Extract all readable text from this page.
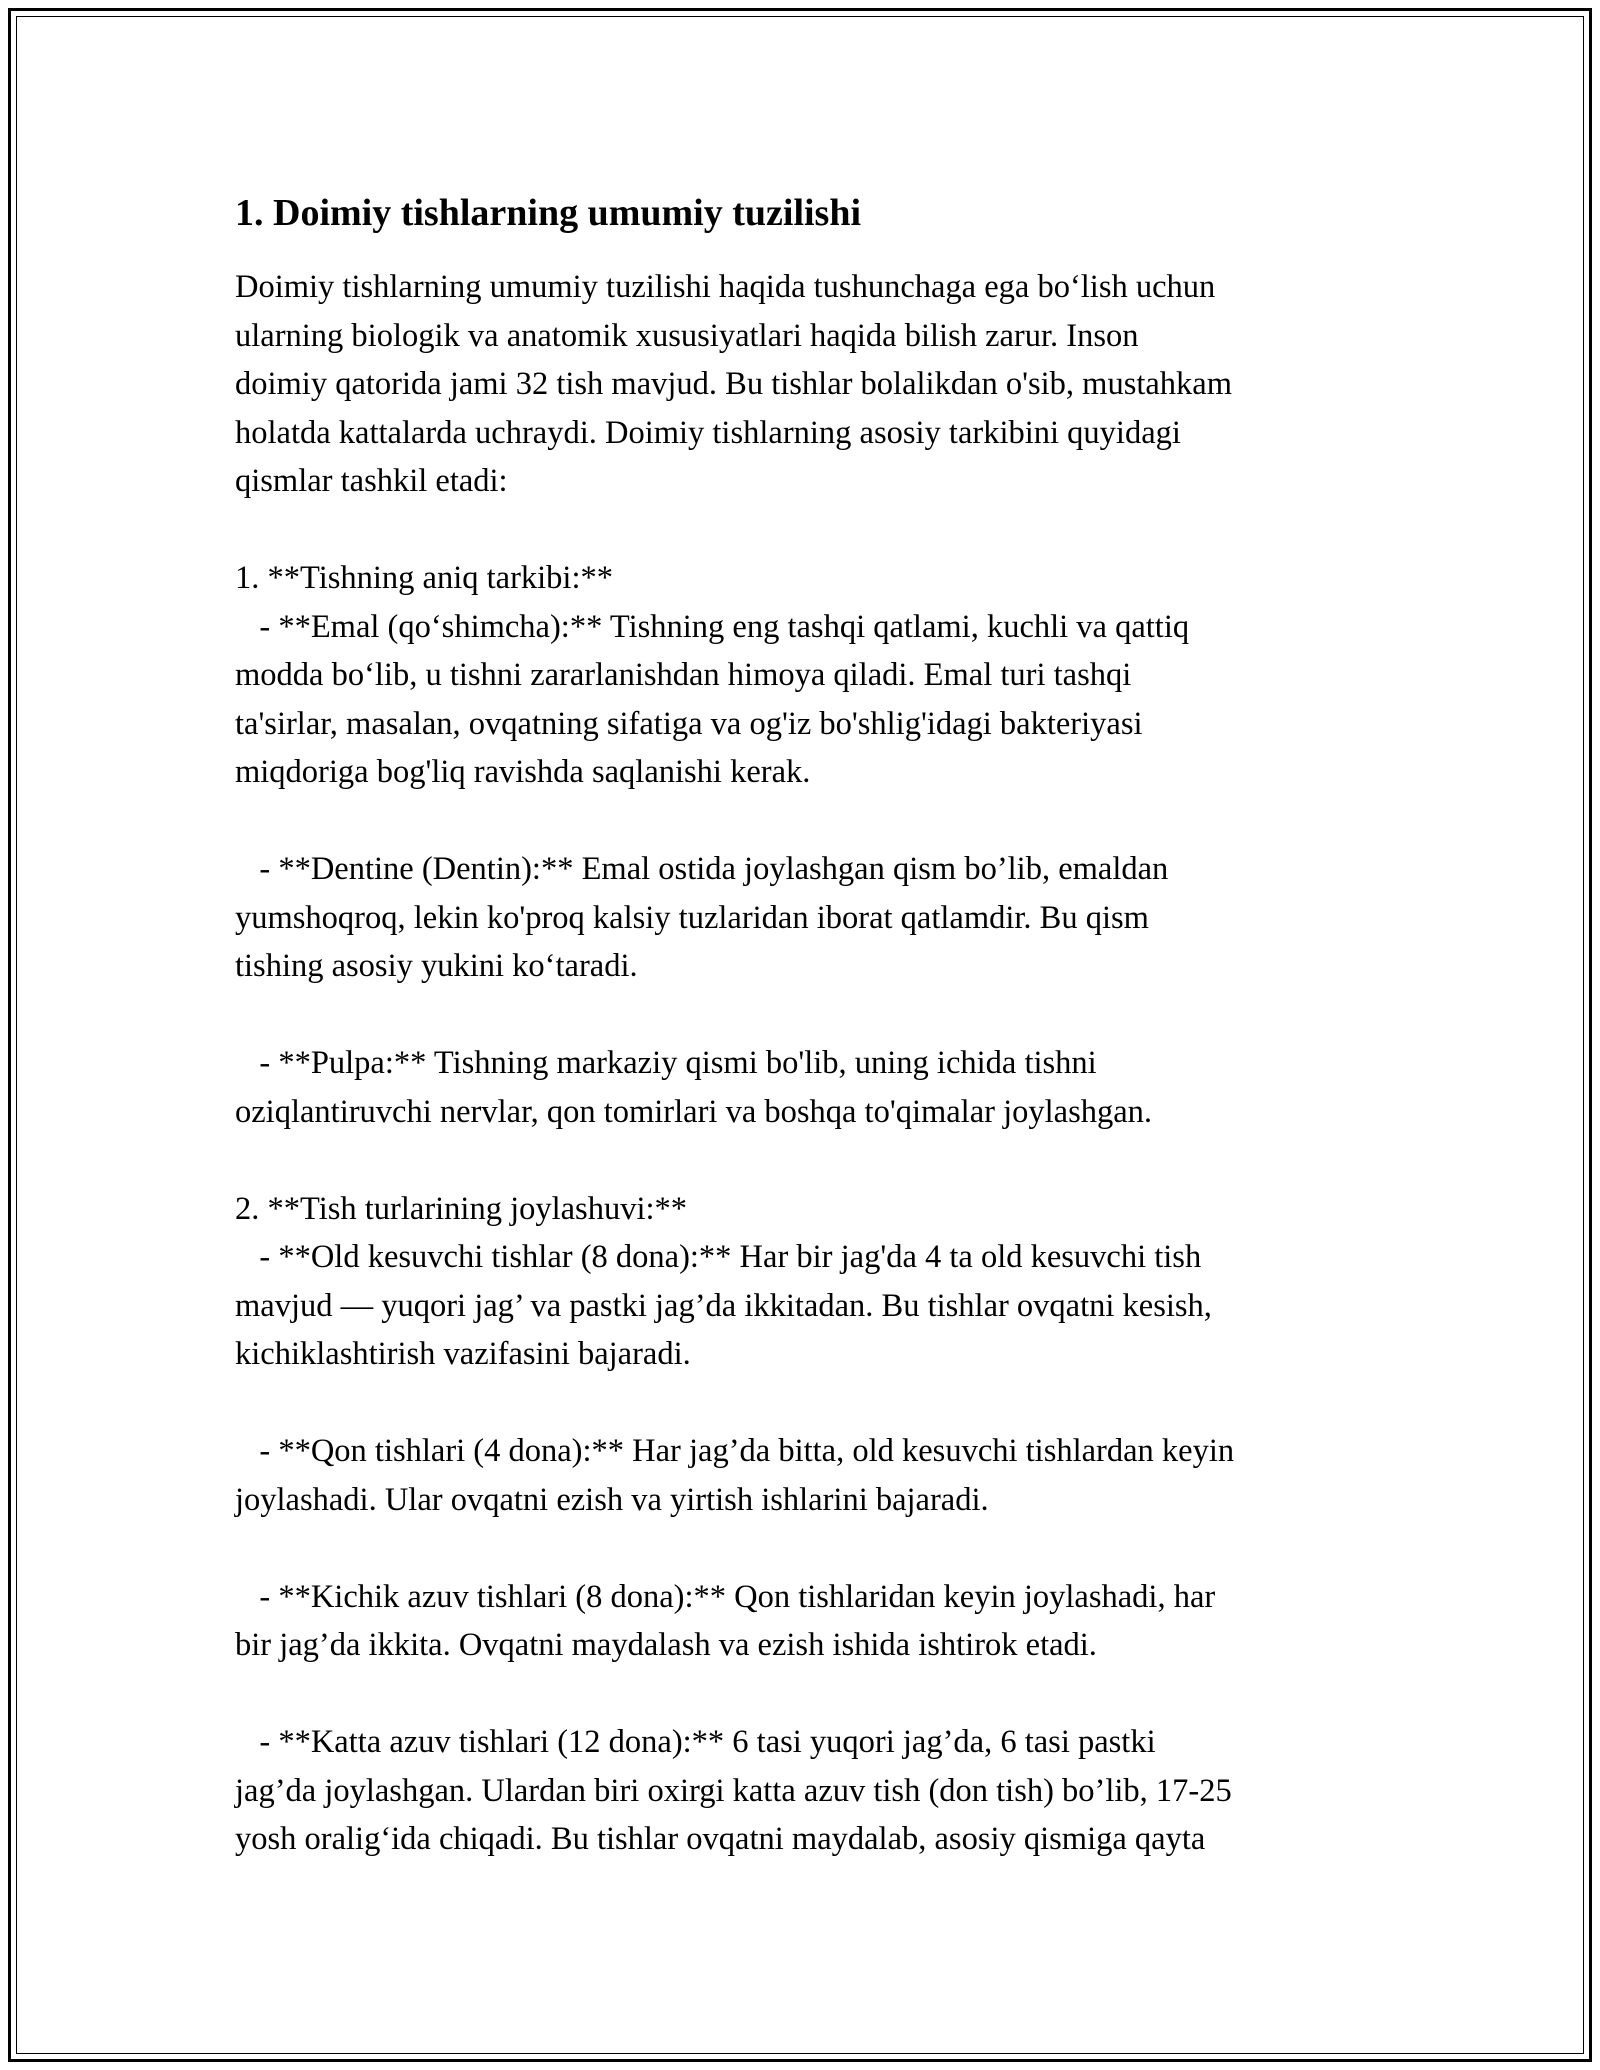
1. Doimiy tishlarning umumiy tuzilishi
Doimiy tishlarning umumiy tuzilishi haqida tushunchaga ega boʻlish uchun
ularning biologik va anatomik xususiyatlari haqida bilish zarur. Inson
doimiy qatorida jami 32 tish mavjud. Bu tishlar bolalikdan o'sib, mustahkam
holatda kattalarda uchraydi. Doimiy tishlarning asosiy tarkibini quyidagi
qismlar tashkil etadi:
1. **Tishning aniq tarkibi:**
- **Emal (qoʻshimcha):** Tishning eng tashqi qatlami, kuchli va qattiq
modda boʻlib, u tishni zararlanishdan himoya qiladi. Emal turi tashqi
ta'sirlar, masalan, ovqatning sifatiga va og'iz bo'shlig'idagi bakteriyasi
miqdoriga bog'liq ravishda saqlanishi kerak.
- **Dentine (Dentin):** Emal ostida joylashgan qism bo’lib, emaldan
yumshoqroq, lekin ko'proq kalsiy tuzlaridan iborat qatlamdir. Bu qism
tishing asosiy yukini koʻtaradi.
- **Pulpa:** Tishning markaziy qismi bo'lib, uning ichida tishni
oziqlantiruvchi nervlar, qon tomirlari va boshqa to'qimalar joylashgan.
2. **Tish turlarining joylashuvi:**
- **Old kesuvchi tishlar (8 dona):** Har bir jag'da 4 ta old kesuvchi tish
mavjud — yuqori jag’ va pastki jag’da ikkitadan. Bu tishlar ovqatni kesish,
kichiklashtirish vazifasini bajaradi.
- **Qon tishlari (4 dona):** Har jag’da bitta, old kesuvchi tishlardan keyin
joylashadi. Ular ovqatni ezish va yirtish ishlarini bajaradi.
- **Kichik azuv tishlari (8 dona):** Qon tishlaridan keyin joylashadi, har
bir jag’da ikkita. Ovqatni maydalash va ezish ishida ishtirok etadi.
- **Katta azuv tishlari (12 dona):** 6 tasi yuqori jag’da, 6 tasi pastki
jag’da joylashgan. Ulardan biri oxirgi katta azuv tish (don tish) bo’lib, 17-25
yosh oraligʻida chiqadi. Bu tishlar ovqatni maydalab, asosiy qismiga qayta
